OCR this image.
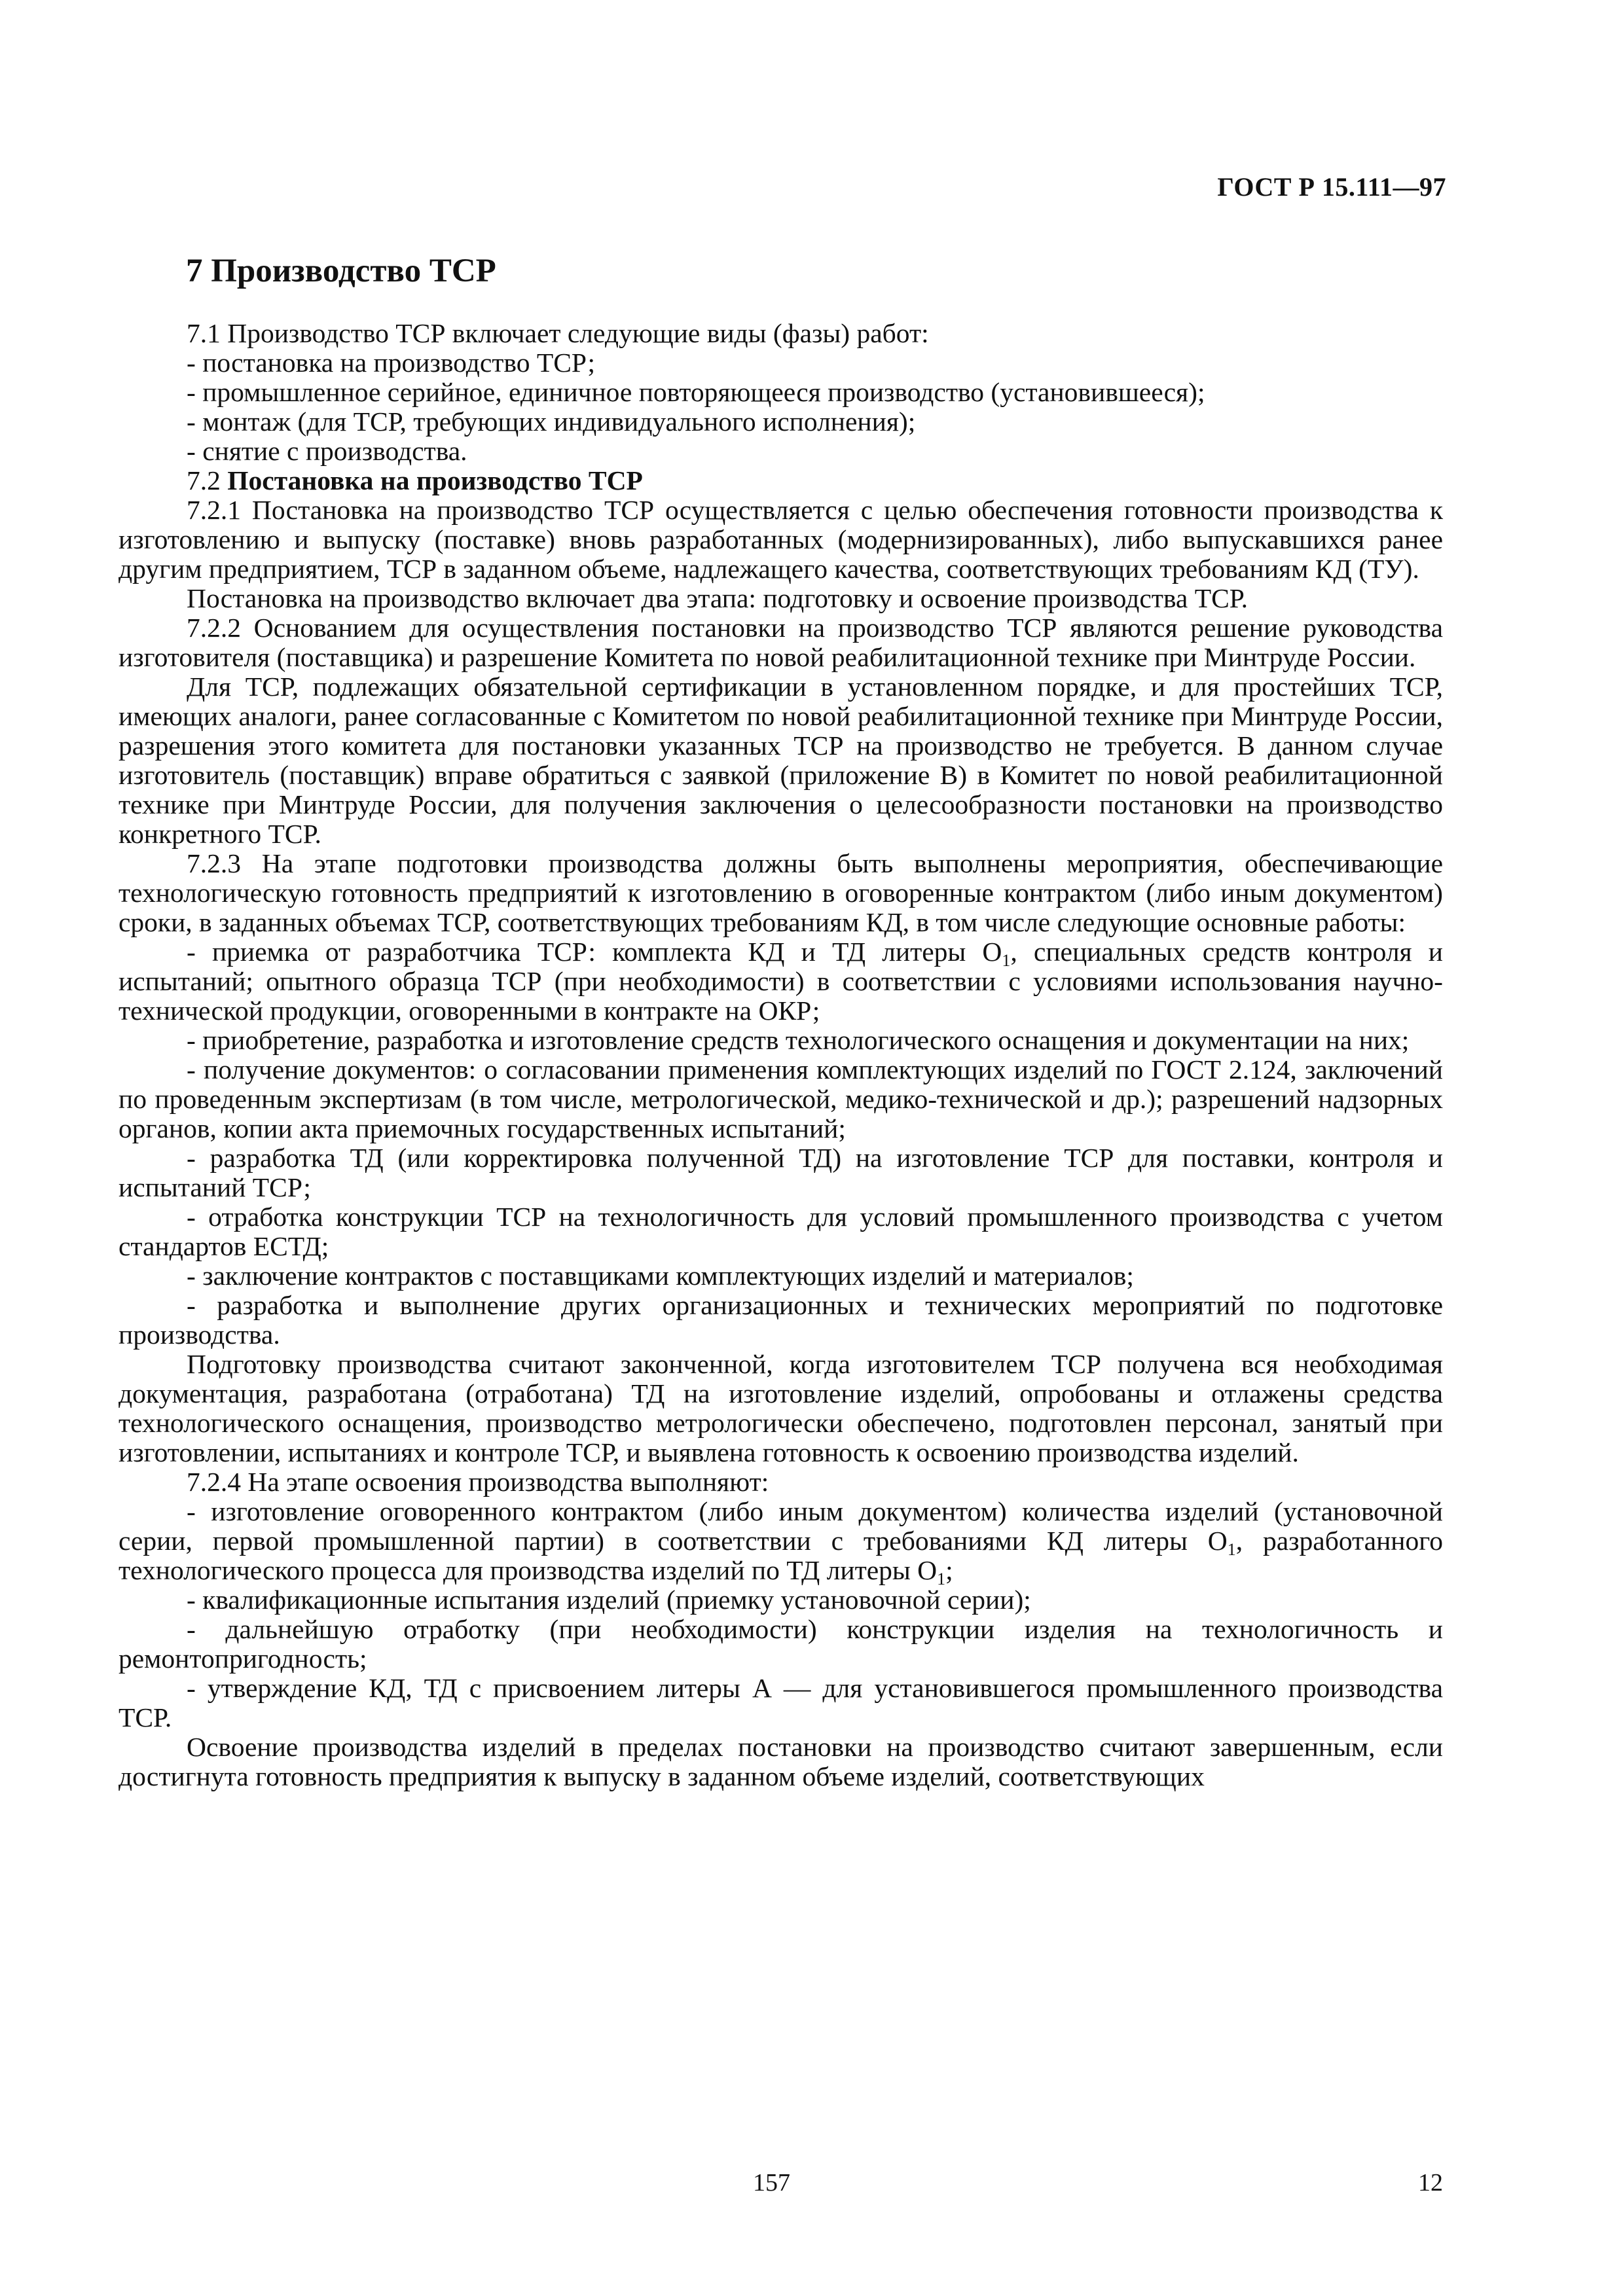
ГОСТ Р 15.111—97
7 Производство ТСР

7.1 Производство ТСР включает следующие виды (фазы) работ:

- постановка на производство ТСР;

- промышленное серийное, единичное повторяющееся производство (установившееся);

- монтаж (для ТСР, требующих индивидуального исполнения);

- снятие с производства.

7.2 Постановка на производство ТСР

7.2.1 Постановка на производство ТСР осуществляется с целью обеспечения готовности производства к изготовлению и выпуску (поставке) вновь разработанных (модернизированных), либо выпускавшихся ранее другим предприятием, ТСР в заданном объеме, надлежащего качества, соответствующих требованиям КД (ТУ).

Постановка на производство включает два этапа: подготовку и освоение производства ТСР.

7.2.2 Основанием для осуществления постановки на производство ТСР являются решение руководства изготовителя (поставщика) и разрешение Комитета по новой реабилитационной технике при Минтруде России.

Для ТСР, подлежащих обязательной сертификации в установленном порядке, и для простейших ТСР, имеющих аналоги, ранее согласованные с Комитетом по новой реабилитационной технике при Минтруде России, разрешения этого комитета для постановки указанных ТСР на производство не требуется. В данном случае изготовитель (поставщик) вправе обратиться с заявкой (приложение В) в Комитет по новой реабилитационной технике при Минтруде России, для получения заключения о целесообразности постановки на производство конкретного ТСР.

7.2.3 На этапе подготовки производства должны быть выполнены мероприятия, обеспечивающие технологическую готовность предприятий к изготовлению в оговоренные контрактом (либо иным документом) сроки, в заданных объемах ТСР, соответствующих требованиям КД, в том числе следующие основные работы:

- приемка от разработчика ТСР: комплекта КД и ТД литеры $О_1$, специальных средств контроля и испытаний; опытного образца ТСР (при необходимости) в соответствии с условиями использования научно-технической продукции, оговоренными в контракте на ОКР;

- приобретение, разработка и изготовление средств технологического оснащения и документации на них;

- получение документов: о согласовании применения комплектующих изделий по ГОСТ 2.124, заключений по проведенным экспертизам (в том числе, метрологической, медико-технической и др.); разрешений надзорных органов, копии акта приемочных государственных испытаний;

- разработка ТД (или корректировка полученной ТД) на изготовление ТСР для поставки, контроля и испытаний ТСР;

- отработка конструкции ТСР на технологичность для условий промышленного производства с учетом стандартов ЕСТД;

- заключение контрактов с поставщиками комплектующих изделий и материалов;

- разработка и выполнение других организационных и технических мероприятий по подготовке производства.

Подготовку производства считают законченной, когда изготовителем ТСР получена вся необходимая документация, разработана (отработана) ТД на изготовление изделий, опробованы и отлажены средства технологического оснащения, производство метрологически обеспечено, подготовлен персонал, занятый при изготовлении, испытаниях и контроле ТСР, и выявлена готовность к освоению производства изделий.

7.2.4 На этапе освоения производства выполняют:

- изготовление оговоренного контрактом (либо иным документом) количества изделий (установочной серии, первой промышленной партии) в соответствии с требованиями КД литеры $О_1$, разработанного технологического процесса для производства изделий по ТД литеры $О_1$;

- квалификационные испытания изделий (приемку установочной серии);

- дальнейшую отработку (при необходимости) конструкции изделия на технологичность и ремонтопригодность;

- утверждение КД, ТД с присвоением литеры А — для установившегося промышленного производства ТСР.

Освоение производства изделий в пределах постановки на производство считают завершенным, если достигнута готовность предприятия к выпуску в заданном объеме изделий, соответствующих

157	12
